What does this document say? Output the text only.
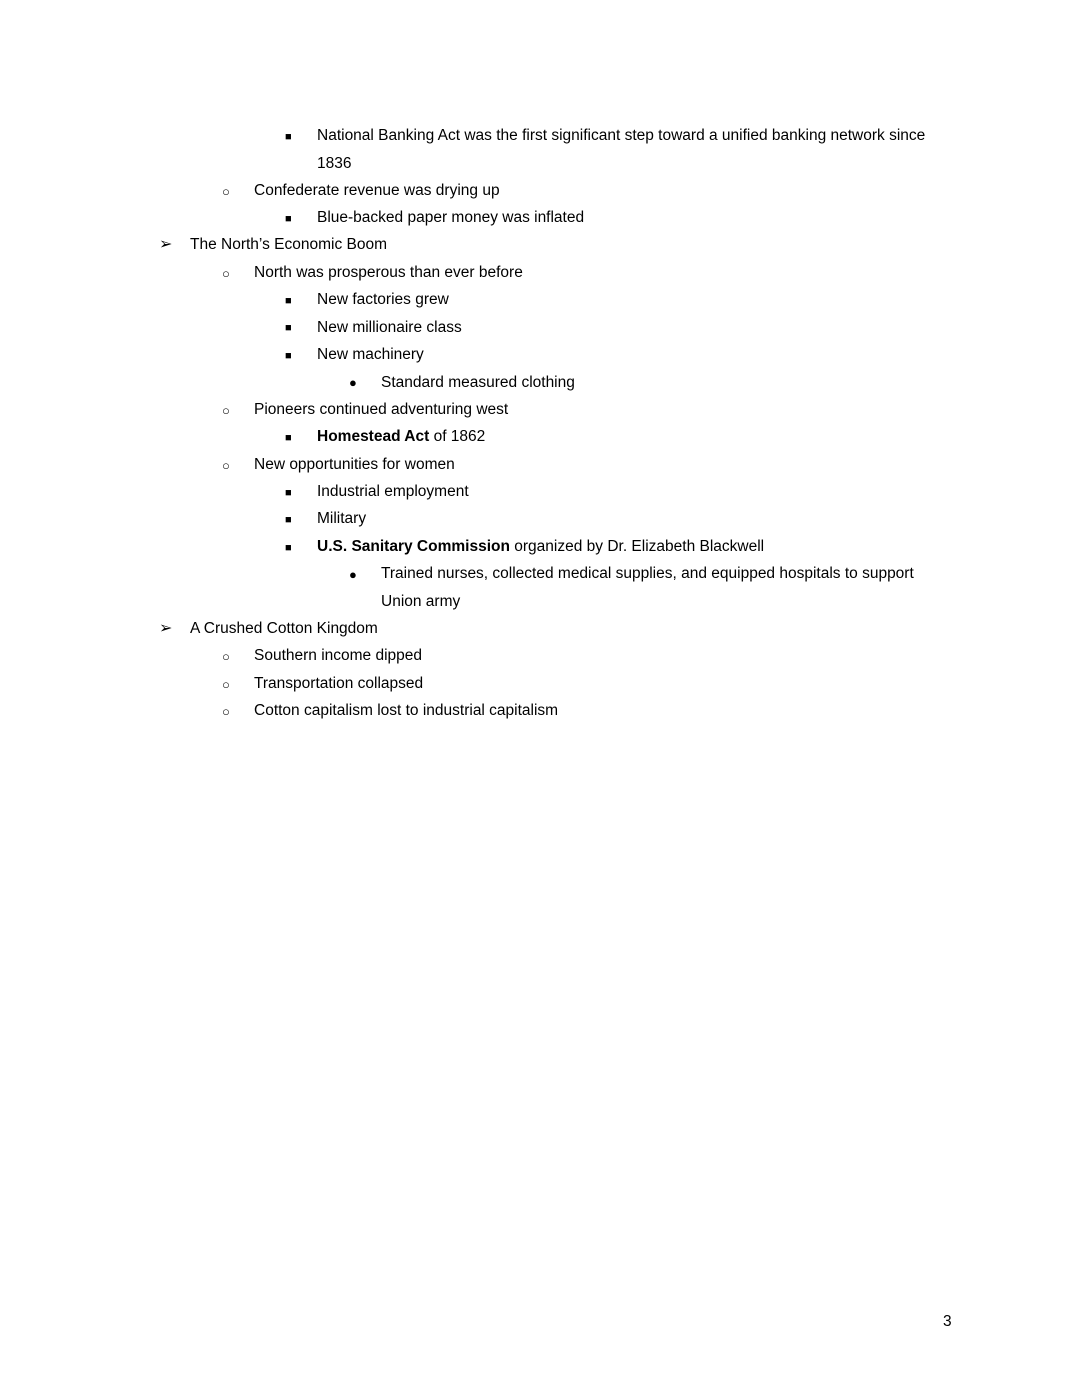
■ National Banking Act was the first significant step toward a unified banking network since
1836
○ Confederate revenue was drying up
■ Blue-backed paper money was inflated
➢ The North’s Economic Boom
○ North was prosperous than ever before
■ New factories grew
■ New millionaire class
■ New machinery
● Standard measured clothing
○ Pioneers continued adventuring west
■ Homestead Act of 1862
○ New opportunities for women
■ Industrial employment
■ Military
■ U.S. Sanitary Commission organized by Dr. Elizabeth Blackwell
● Trained nurses, collected medical supplies, and equipped hospitals to support
Union army
➢ A Crushed Cotton Kingdom
○ Southern income dipped
○ Transportation collapsed
○ Cotton capitalism lost to industrial capitalism
3
